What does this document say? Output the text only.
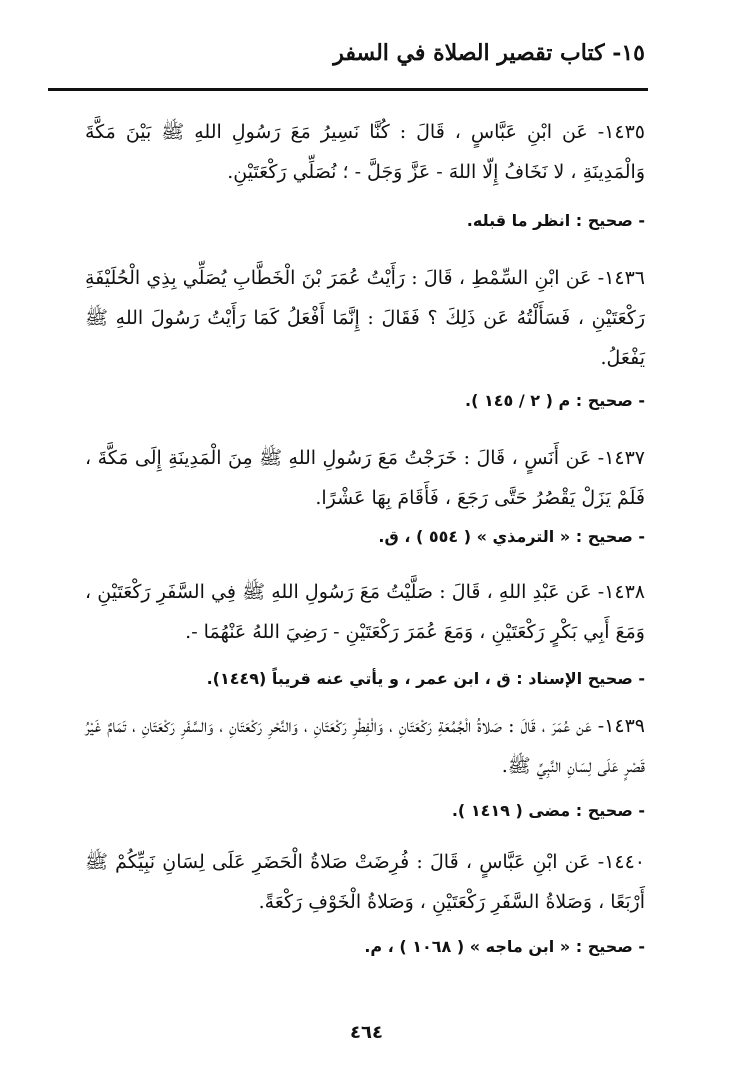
١٥- كتاب تقصير الصلاة في السفر

١٤٣٥- عَن ابْنِ عَبَّاسٍ ، قَالَ : كُنَّا نَسِيرُ مَعَ رَسُولِ اللهِ ﷺ بَيْنَ مَكَّةَ وَالْمَدِينَةِ ، لا نَخَافُ إِلّا اللهَ - عَزَّ وَجَلَّ - ؛ نُصَلِّي رَكْعَتَيْنِ.

- صحيح : انظر ما قبله.

١٤٣٦- عَن ابْنِ السِّمْطِ ، قَالَ : رَأَيْتُ عُمَرَ بْنَ الْخَطَّابِ يُصَلِّي بِذِي الْحُلَيْفَةِ رَكْعَتَيْنِ ، فَسَأَلْتُهُ عَن ذَلِكَ ؟ فَقَالَ : إِنَّمَا أَفْعَلُ كَمَا رَأَيْتُ رَسُولَ اللهِ ﷺ يَفْعَلُ.

- صحيح : م ( ٢ / ١٤٥ ).

١٤٣٧- عَن أَنَسٍ ، قَالَ : خَرَجْتُ مَعَ رَسُولِ اللهِ ﷺ مِنَ الْمَدِينَةِ إِلَى مَكَّةَ ، فَلَمْ يَزَلْ يَقْصُرُ حَتَّى رَجَعَ ، فَأَقَامَ بِهَا عَشْرًا.

- صحيح : « الترمذي » ( ٥٥٤ ) ، ق.

١٤٣٨- عَن عَبْدِ اللهِ ، قَالَ : صَلَّيْتُ مَعَ رَسُولِ اللهِ ﷺ فِي السَّفَرِ رَكْعَتَيْنِ ، وَمَعَ أَبِي بَكْرٍ رَكْعَتَيْنِ ، وَمَعَ عُمَرَ رَكْعَتَيْنِ - رَضِيَ اللهُ عَنْهُمَا -.

- صحيح الإسناد : ق ، ابن عمر ، و يأتي عنه قريباً (١٤٤٩).

١٤٣٩- عَن عُمَرَ ، قَالَ : صَلاةُ الْجُمُعَةِ رَكْعَتَانِ ، وَالْفِطْرِ رَكْعَتَانِ ، وَالنَّحْرِ رَكْعَتَانِ ، وَالسَّفَرِ رَكْعَتَانِ ، تَمَامٌ غَيْرُ قَصْرٍ عَلَى لِسَانِ النَّبِيِّ ﷺ.

- صحيح : مضى ( ١٤١٩ ).

١٤٤٠- عَن ابْنِ عَبَّاسٍ ، قَالَ : فُرِضَتْ صَلاةُ الْحَضَرِ عَلَى لِسَانِ نَبِيِّكُمْ ﷺ أَرْبَعًا ، وَصَلاةُ السَّفَرِ رَكْعَتَيْنِ ، وَصَلاةُ الْخَوْفِ رَكْعَةً.

- صحيح : « ابن ماجه » ( ١٠٦٨ ) ، م.

٤٦٤
